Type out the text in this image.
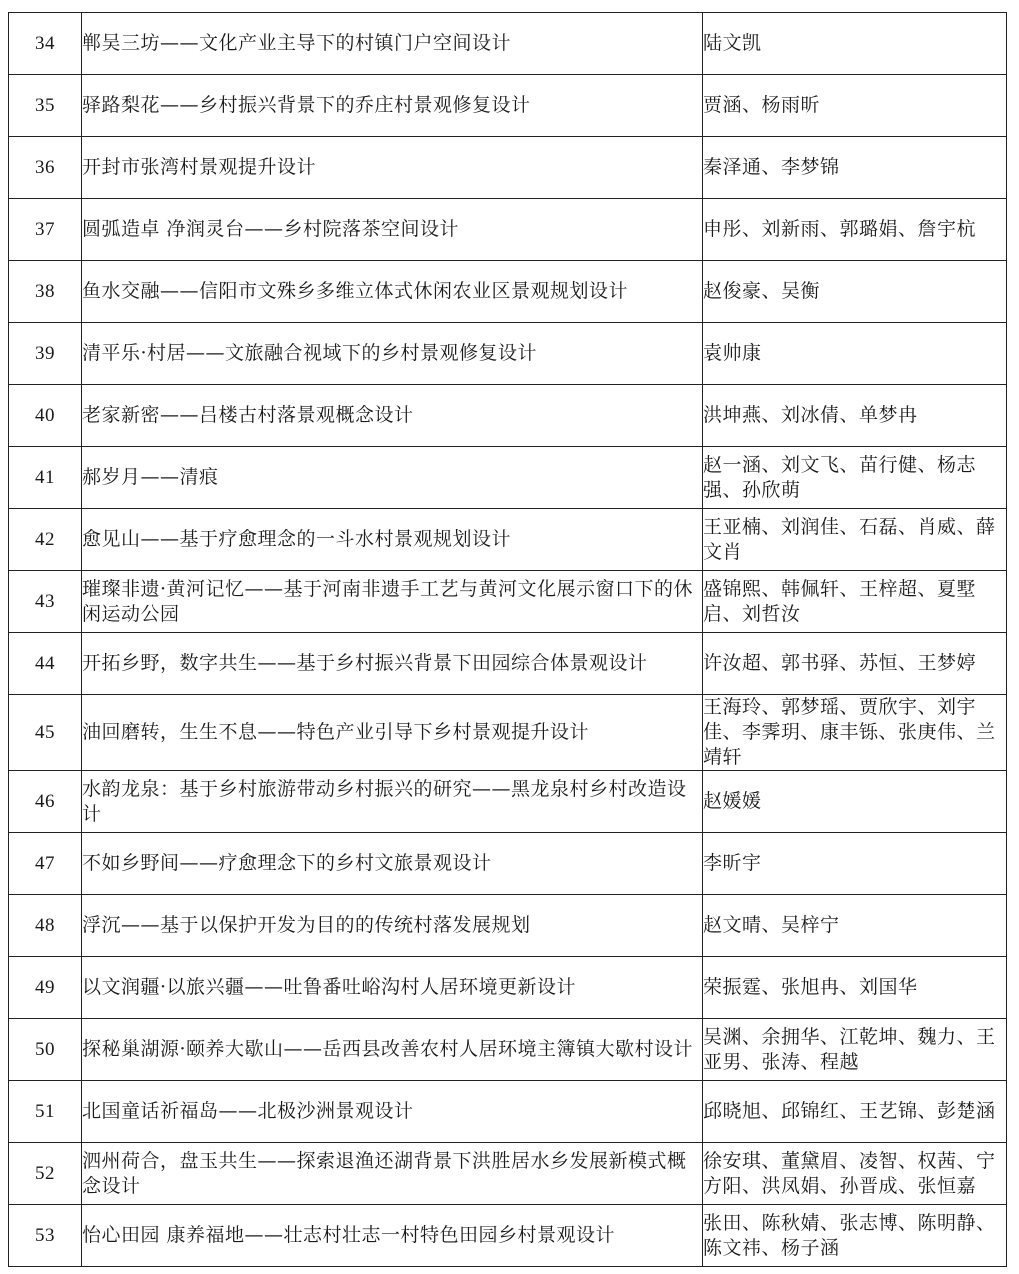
34	郸吴三坊——文化产业主导下的村镇门户空间设计	陆文凯
35	驿路梨花——乡村振兴背景下的乔庄村景观修复设计	贾涵、杨雨昕
36	开封市张湾村景观提升设计	秦泽通、李梦锦
37	圆弧造卓 净润灵台——乡村院落茶空间设计	申彤、刘新雨、郭璐娟、詹宇杭
38	鱼水交融——信阳市文殊乡多维立体式休闲农业区景观规划设计	赵俊豪、吴衡
39	清平乐·村居——文旅融合视域下的乡村景观修复设计	袁帅康
40	老家新密——吕楼古村落景观概念设计	洪坤燕、刘冰倩、单梦冉
41	郝岁月——清痕	赵一涵、刘文飞、苗行健、杨志强、孙欣萌
42	愈见山——基于疗愈理念的一斗水村景观规划设计	王亚楠、刘润佳、石磊、肖威、薛文肖
43	璀璨非遗·黄河记忆——基于河南非遗手工艺与黄河文化展示窗口下的休闲运动公园	盛锦熙、韩佩轩、王梓超、夏墅启、刘哲汝
44	开拓乡野，数字共生——基于乡村振兴背景下田园综合体景观设计	许汝超、郭书驿、苏恒、王梦婷
45	油回磨转，生生不息——特色产业引导下乡村景观提升设计	王海玲、郭梦瑶、贾欣宇、刘宇佳、李霁玥、康丰铄、张庚伟、兰靖轩
46	水韵龙泉：基于乡村旅游带动乡村振兴的研究——黑龙泉村乡村改造设计	赵媛媛
47	不如乡野间——疗愈理念下的乡村文旅景观设计	李昕宇
48	浮沉——基于以保护开发为目的的传统村落发展规划	赵文晴、吴梓宁
49	以文润疆·以旅兴疆——吐鲁番吐峪沟村人居环境更新设计	荣振霆、张旭冉、刘国华
50	探秘巢湖源·颐养大歇山——岳西县改善农村人居环境主簿镇大歇村设计	吴渊、余拥华、江乾坤、魏力、王亚男、张涛、程越
51	北国童话祈福岛——北极沙洲景观设计	邱晓旭、邱锦红、王艺锦、彭楚涵
52	泗州荷合，盘玉共生——探索退渔还湖背景下洪胜居水乡发展新模式概念设计	徐安琪、董黛眉、凌智、权茜、宁方阳、洪凤娟、孙晋成、张恒嘉
53	怡心田园 康养福地——壮志村壮志一村特色田园乡村景观设计	张田、陈秋婧、张志博、陈明静、陈文祎、杨子涵
